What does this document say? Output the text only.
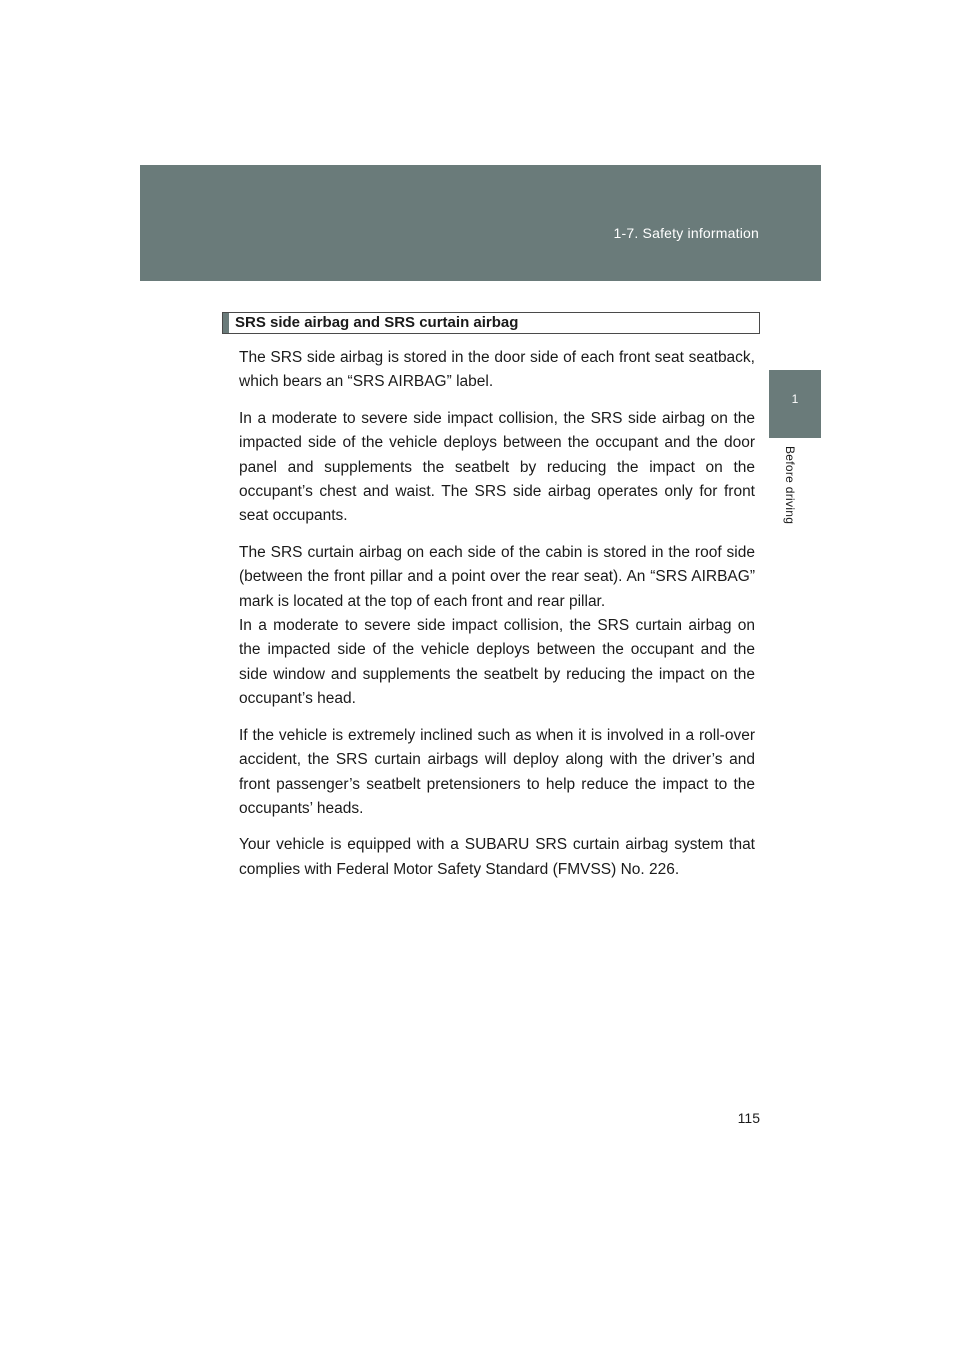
1-7. Safety information
1
Before driving
SRS side airbag and SRS curtain airbag

The SRS side airbag is stored in the door side of each front seat seatback, which bears an “SRS AIRBAG” label.

In a moderate to severe side impact collision, the SRS side airbag on the impacted side of the vehicle deploys between the occupant and the door panel and supplements the seatbelt by reducing the impact on the occupant’s chest and waist. The SRS side airbag operates only for front seat occupants.

The SRS curtain airbag on each side of the cabin is stored in the roof side (between the front pillar and a point over the rear seat). An “SRS AIRBAG” mark is located at the top of each front and rear pillar.

In a moderate to severe side impact collision, the SRS curtain airbag on the impacted side of the vehicle deploys between the occupant and the side window and supplements the seatbelt by reducing the impact on the occupant’s head.

If the vehicle is extremely inclined such as when it is involved in a roll-over accident, the SRS curtain airbags will deploy along with the driver’s and front passenger’s seatbelt pretensioners to help reduce the impact to the occupants’ heads.

Your vehicle is equipped with a SUBARU SRS curtain airbag system that complies with Federal Motor Safety Standard (FMVSS) No. 226.

115
